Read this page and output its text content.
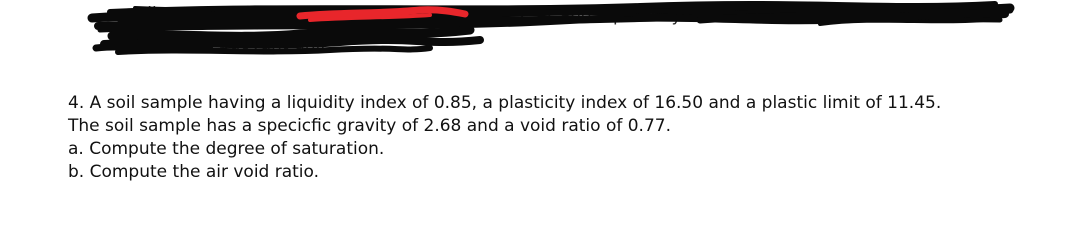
soil	specific gravity of 2.71 and a porosity of 0.3 Determine the saturated unit
and the buoyant unit
4. A soil sample having a liquidity index of 0.85, a plasticity index of 16.50 and a plastic limit of 11.45.
The soil sample has a specicfic gravity of 2.68 and a void ratio of 0.77.
a. Compute the degree of saturation.
b. Compute the air void ratio.
